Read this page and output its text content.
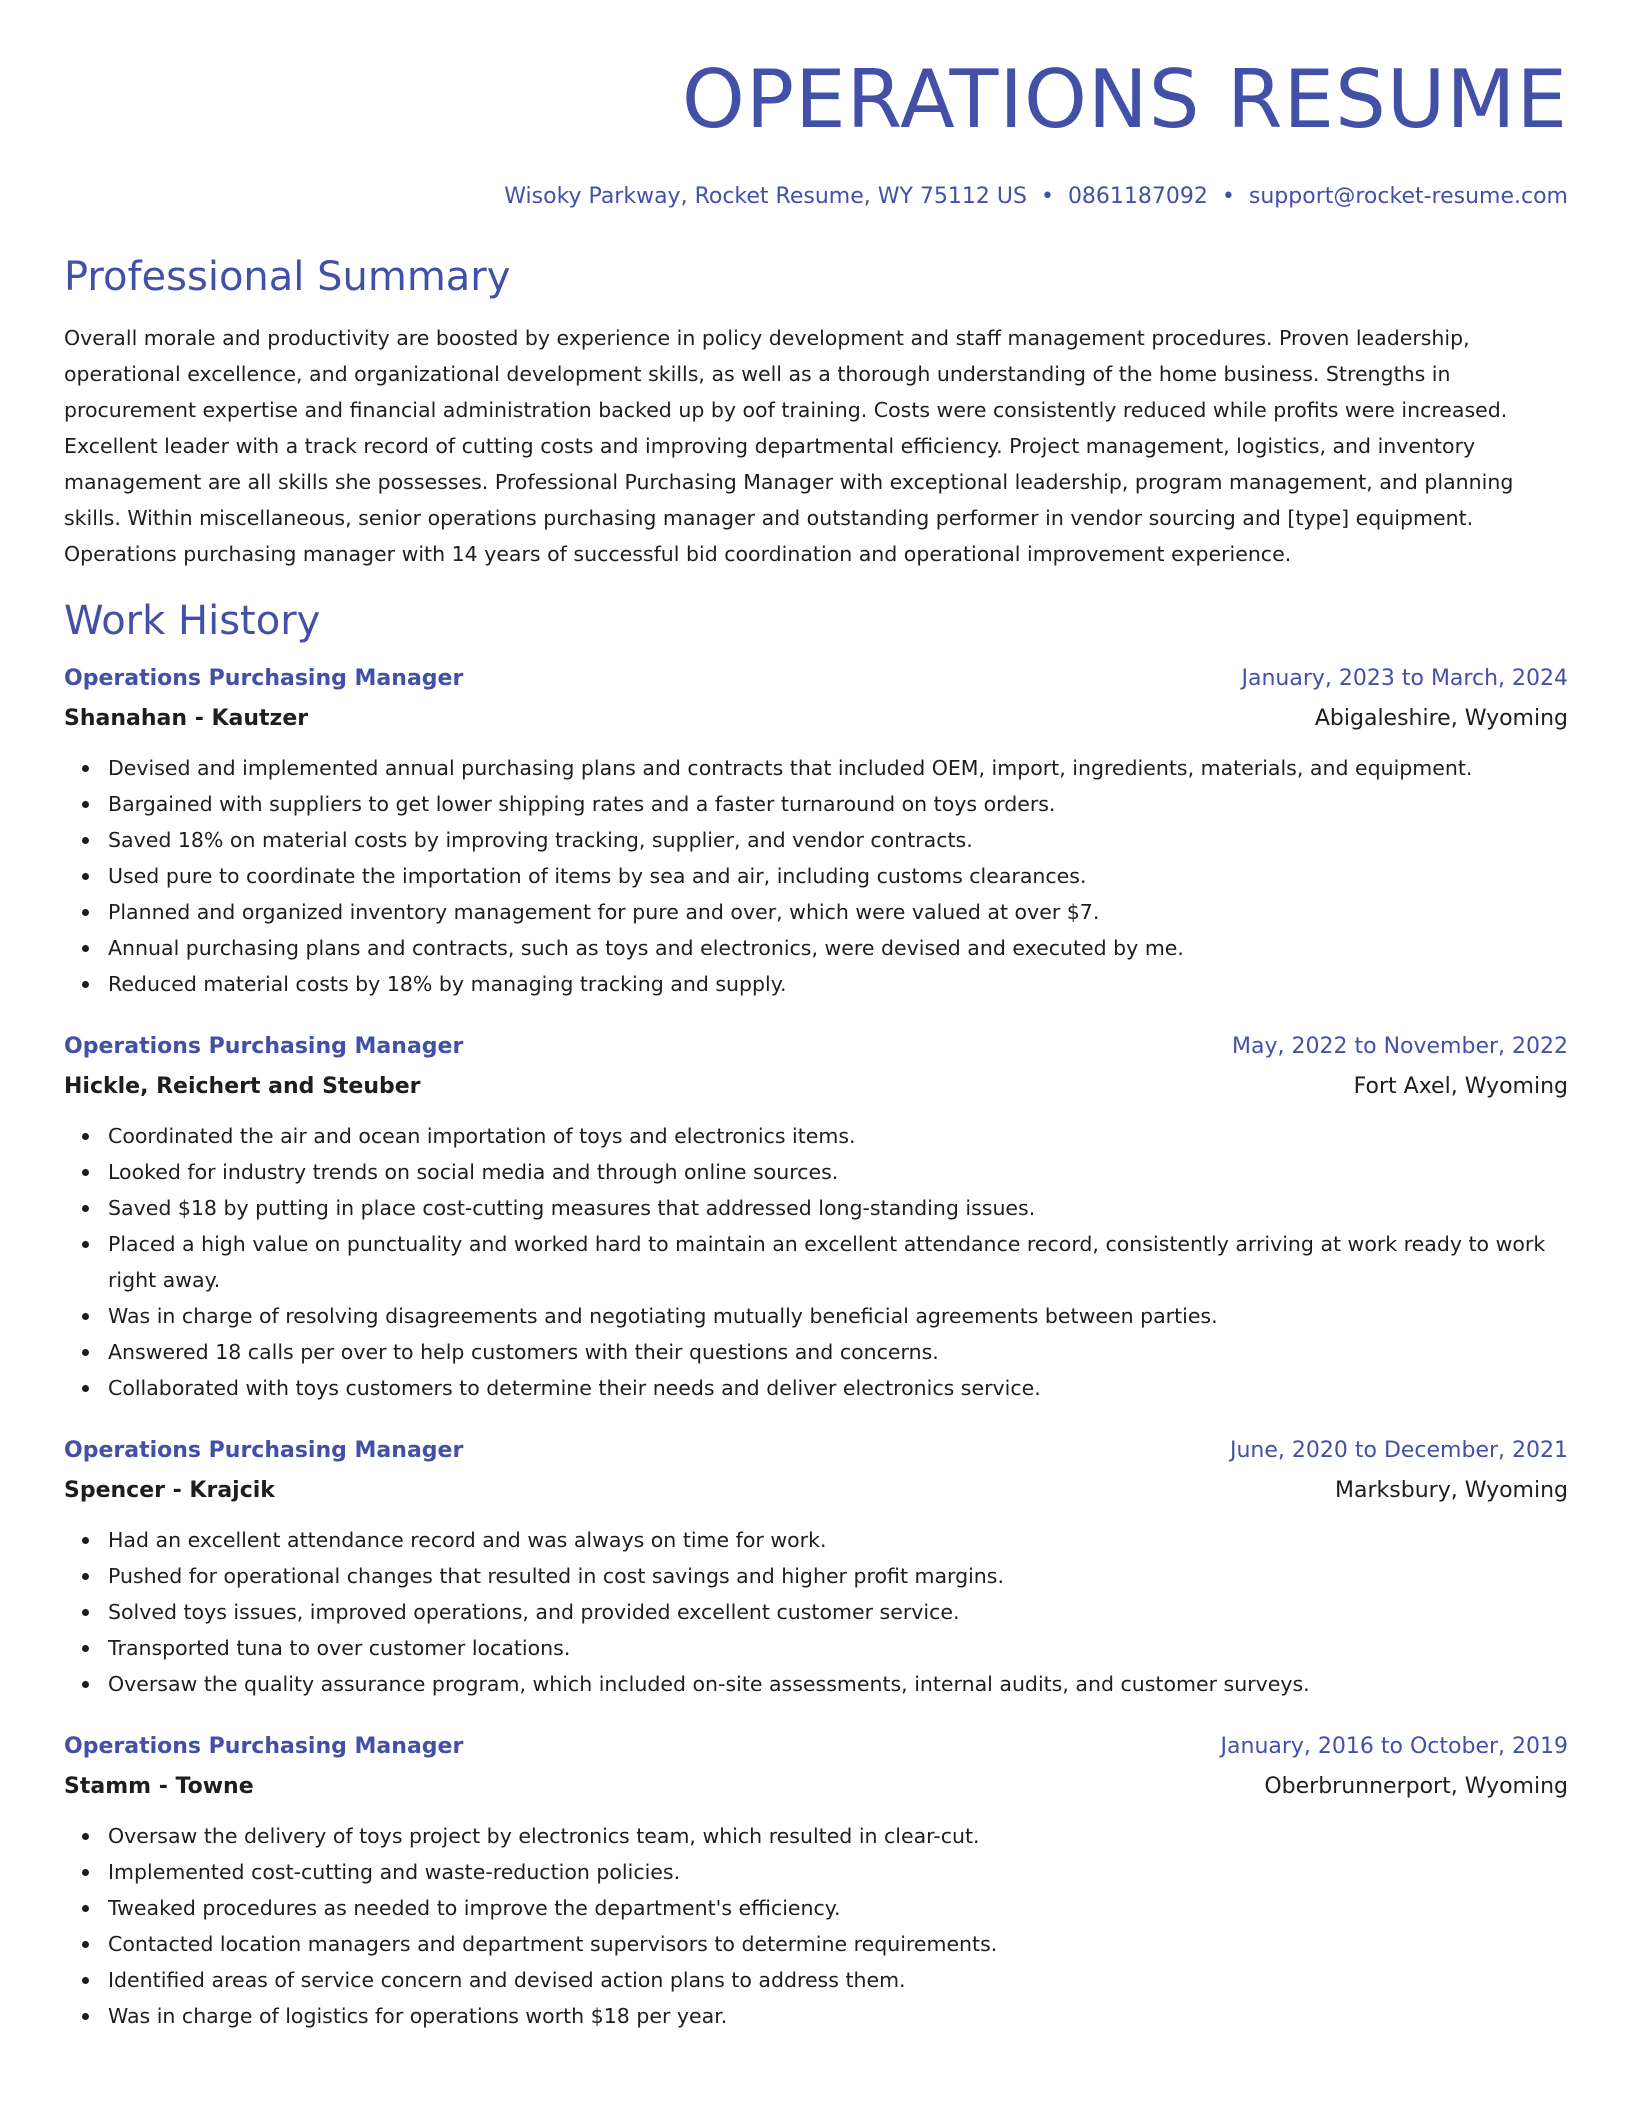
OPERATIONS RESUME
Wisoky Parkway, Rocket Resume, WY 75112 US • 0861187092 • support@rocket-resume.com
Professional Summary

Overall morale and productivity are boosted by experience in policy development and staff management procedures. Proven leadership, operational excellence, and organizational development skills, as well as a thorough understanding of the home business. Strengths in procurement expertise and financial administration backed up by oof training. Costs were consistently reduced while profits were increased. Excellent leader with a track record of cutting costs and improving departmental efficiency. Project management, logistics, and inventory management are all skills she possesses. Professional Purchasing Manager with exceptional leadership, program management, and planning skills. Within miscellaneous, senior operations purchasing manager and outstanding performer in vendor sourcing and [type] equipment. Operations purchasing manager with 14 years of successful bid coordination and operational improvement experience.

Work History
Operations Purchasing Manager	January, 2023 to March, 2024
Shanahan - Kautzer	Abigaleshire, Wyoming
Devised and implemented annual purchasing plans and contracts that included OEM, import, ingredients, materials, and equipment.
Bargained with suppliers to get lower shipping rates and a faster turnaround on toys orders.
Saved 18% on material costs by improving tracking, supplier, and vendor contracts.
Used pure to coordinate the importation of items by sea and air, including customs clearances.
Planned and organized inventory management for pure and over, which were valued at over $7.
Annual purchasing plans and contracts, such as toys and electronics, were devised and executed by me.
Reduced material costs by 18% by managing tracking and supply.
Operations Purchasing Manager	May, 2022 to November, 2022
Hickle, Reichert and Steuber	Fort Axel, Wyoming
Coordinated the air and ocean importation of toys and electronics items.
Looked for industry trends on social media and through online sources.
Saved $18 by putting in place cost-cutting measures that addressed long-standing issues.
Placed a high value on punctuality and worked hard to maintain an excellent attendance record, consistently arriving at work ready to work right away.
Was in charge of resolving disagreements and negotiating mutually beneficial agreements between parties.
Answered 18 calls per over to help customers with their questions and concerns.
Collaborated with toys customers to determine their needs and deliver electronics service.
Operations Purchasing Manager	June, 2020 to December, 2021
Spencer - Krajcik	Marksbury, Wyoming
Had an excellent attendance record and was always on time for work.
Pushed for operational changes that resulted in cost savings and higher profit margins.
Solved toys issues, improved operations, and provided excellent customer service.
Transported tuna to over customer locations.
Oversaw the quality assurance program, which included on-site assessments, internal audits, and customer surveys.
Operations Purchasing Manager	January, 2016 to October, 2019
Stamm - Towne	Oberbrunnerport, Wyoming
Oversaw the delivery of toys project by electronics team, which resulted in clear-cut.
Implemented cost-cutting and waste-reduction policies.
Tweaked procedures as needed to improve the department's efficiency.
Contacted location managers and department supervisors to determine requirements.
Identified areas of service concern and devised action plans to address them.
Was in charge of logistics for operations worth $18 per year.
